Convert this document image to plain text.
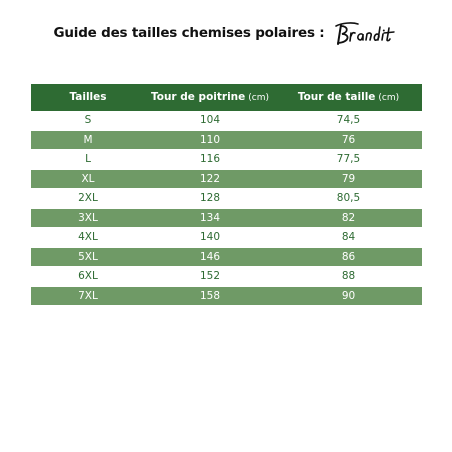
Guide des tailles chemises polaires :
Tailles	Tour de poitrine (cm)	Tour de taille (cm)
S	104	74,5
M	110	76
L	116	77,5
XL	122	79
2XL	128	80,5
3XL	134	82
4XL	140	84
5XL	146	86
6XL	152	88
7XL	158	90
